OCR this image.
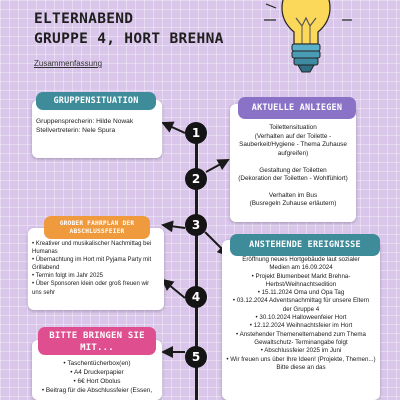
ELTERNABEND
GRUPPE 4, HORT BREHNA
Zusammenfassung
Gruppensprecherin: Hilde Nowak
Stellvertreterin: Nele Spura
GRUPPENSITUATION
Toilettensituation
(Verhalten auf der Toilette -
Sauberkeit/Hygiene - Thema Zuhause
aufgreifen)
Gestaltung der Toiletten
(Dekoration der Toiletten - Wohlfühlort)
Verhalten im Bus
(Busregeln Zuhause erläutern)
AKTUELLE ANLIEGEN
• Kreativer und musikalischer Nachmittag bei
Humanas
• Übernachtung im Hort mit Pyjama Party mit
Grillabend
• Termin folgt im Jahr 2025
• Über Sponsoren klein oder groß freuen wir
uns sehr
GROBER FAHRPLAN DER
ABSCHLUSSFEIER
Eröffnung neues Hortgebäude laut sozialer
Medien am 16.09.2024
• Projekt Blumenbeet Markt Brehna-
Herbst/Weihnachtsedition
• 15.11.2024 Oma und Opa Tag
• 03.12.2024 Adventsnachmittag für unsere Eltern
der Gruppe 4
• 30.10.2024 Halloweenfeier Hort
• 12.12.2024 Weihnachtsfeier im Hort
• Anstehender Themenelternabend zum Thema
Gewaltschutz- Terminangabe folgt
• Abschlussfeier 2025 im Juni
• Wir freuen uns über Ihre Ideen! (Projekte, Themen...)
Bitte diese an das
ANSTEHENDE EREIGNISSE
• Taschentücherbox(en)
• A4 Druckerpapier
• 6€ Hort Obolus
• Beitrag für die Abschlussfeier (Essen,
BITTE BRINGEN SIE
MIT...
1
2
3
4
5
